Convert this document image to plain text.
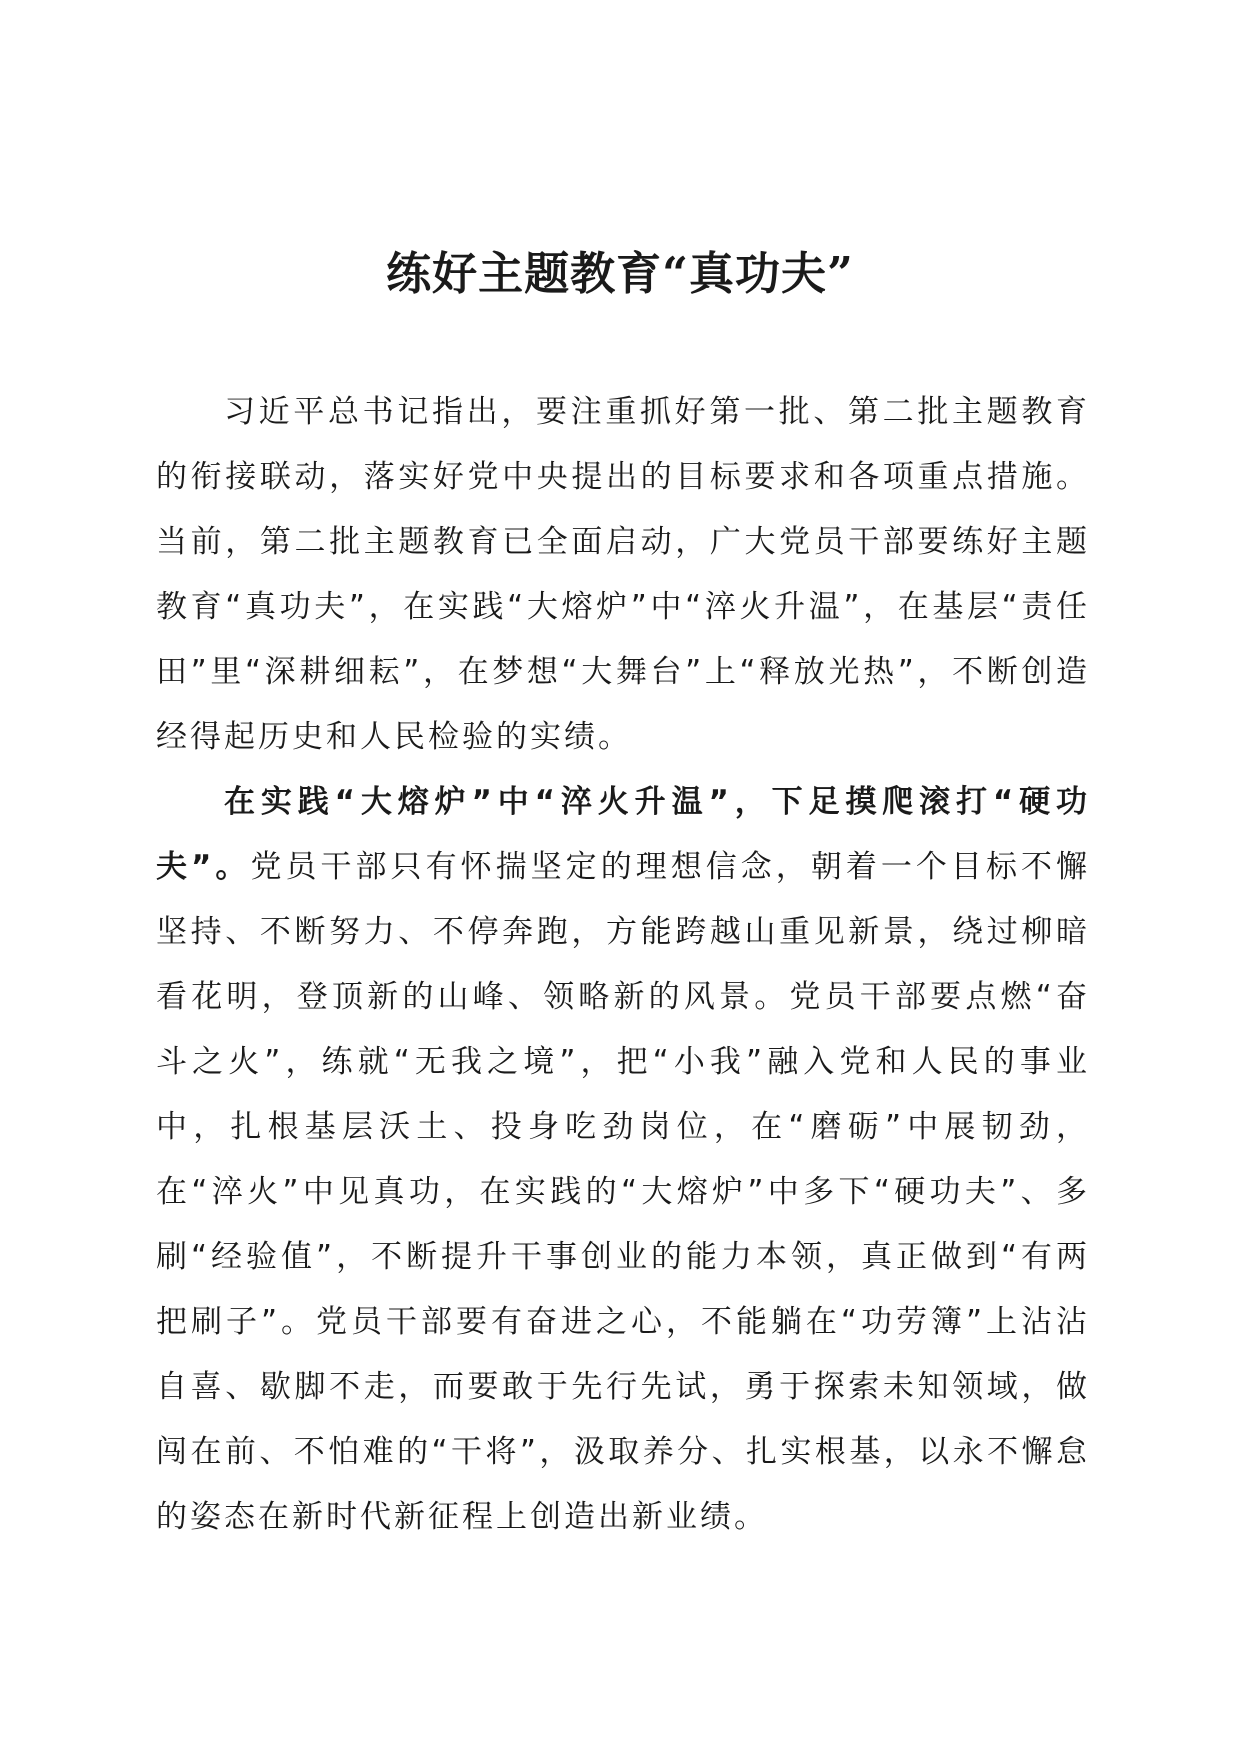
练好主题教育“真功夫”

习近平总书记指出，要注重抓好第一批、第二批主题教育的衔接联动，落实好党中央提出的目标要求和各项重点措施。当前，第二批主题教育已全面启动，广大党员干部要练好主题教育“真功夫”，在实践“大熔炉”中“淬火升温”，在基层“责任田”里“深耕细耘”，在梦想“大舞台”上“释放光热”，不断创造经得起历史和人民检验的实绩。

在实践“大熔炉”中“淬火升温”，下足摸爬滚打“硬功夫”。党员干部只有怀揣坚定的理想信念，朝着一个目标不懈坚持、不断努力、不停奔跑，方能跨越山重见新景，绕过柳暗看花明，登顶新的山峰、领略新的风景。党员干部要点燃“奋斗之火”，练就“无我之境”，把“小我”融入党和人民的事业中，扎根基层沃土、投身吃劲岗位，在“磨砺”中展韧劲，在“淬火”中见真功，在实践的“大熔炉”中多下“硬功夫”、多刷“经验值”，不断提升干事创业的能力本领，真正做到“有两把刷子”。党员干部要有奋进之心，不能躺在“功劳簿”上沾沾自喜、歇脚不走，而要敢于先行先试，勇于探索未知领域，做闯在前、不怕难的“干将”，汲取养分、扎实根基，以永不懈怠的姿态在新时代新征程上创造出新业绩。
